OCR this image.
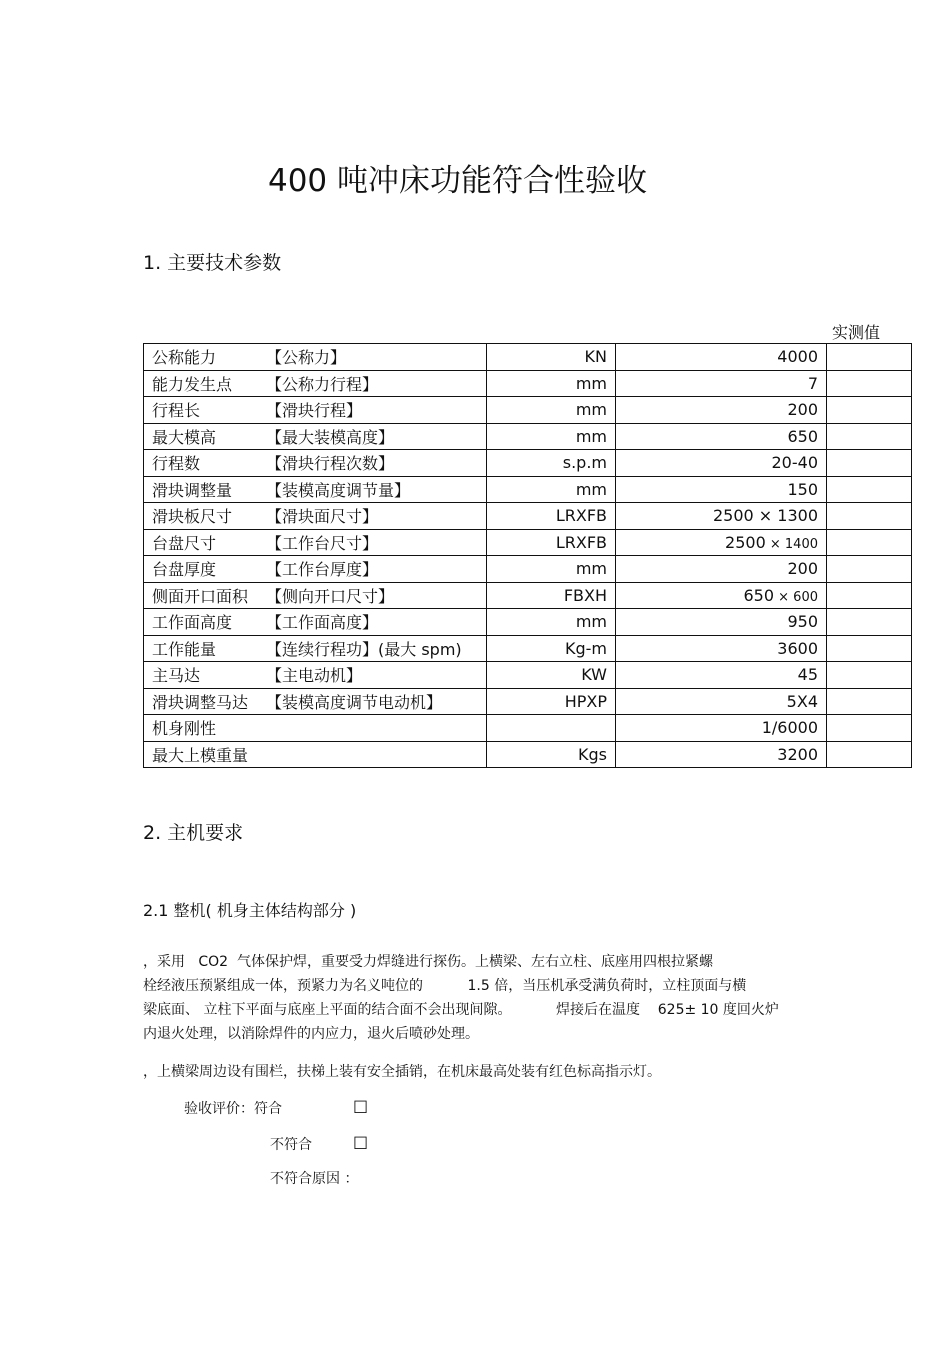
400 吨冲床功能符合性验收
1. 主要技术参数
实测值
公称能力 【公称力】	KN	4000	
能力发生点 【公称力行程】	mm	7	
行程长 【滑块行程】	mm	200	
最大模高 【最大装模高度】	mm	650	
行程数 【滑块行程次数】	s.p.m	20-40	
滑块调整量 【装模高度调节量】	mm	150	
滑块板尺寸 【滑块面尺寸】	LRXFB	2500 × 1300	
台盘尺寸 【工作台尺寸】	LRXFB	2500 × 1400	
台盘厚度 【工作台厚度】	mm	200	
侧面开口面积 【侧向开口尺寸】	FBXH	650 × 600	
工作面高度 【工作面高度】	mm	950	
工作能量 【连续行程功】(最大 spm)	Kg-m	3600	
主马达 【主电动机】	KW	45	
滑块调整马达 【装模高度调节电动机】	HPXP	5X4	
机身刚性		1/6000	
最大上模重量	Kgs	3200	
2. 主机要求
2.1 整机( 机身主体结构部分 )
，采用   CO2  气体保护焊，重要受力焊缝进行探伤。上横梁、左右立柱、底座用四根拉紧螺
栓经液压预紧组成一体，预紧力为名义吨位的          1.5 倍，当压机承受满负荷时，立柱顶面与横
梁底面、 立柱下平面与底座上平面的结合面不会出现间隙。          焊接后在温度    625± 10 度回火炉
内退火处理，以消除焊件的内应力，退火后喷砂处理。
，上横梁周边设有围栏，扶梯上装有安全插销，在机床最高处装有红色标高指示灯。
验收评价：符合	□
不符合	□
不符合原因 ：
